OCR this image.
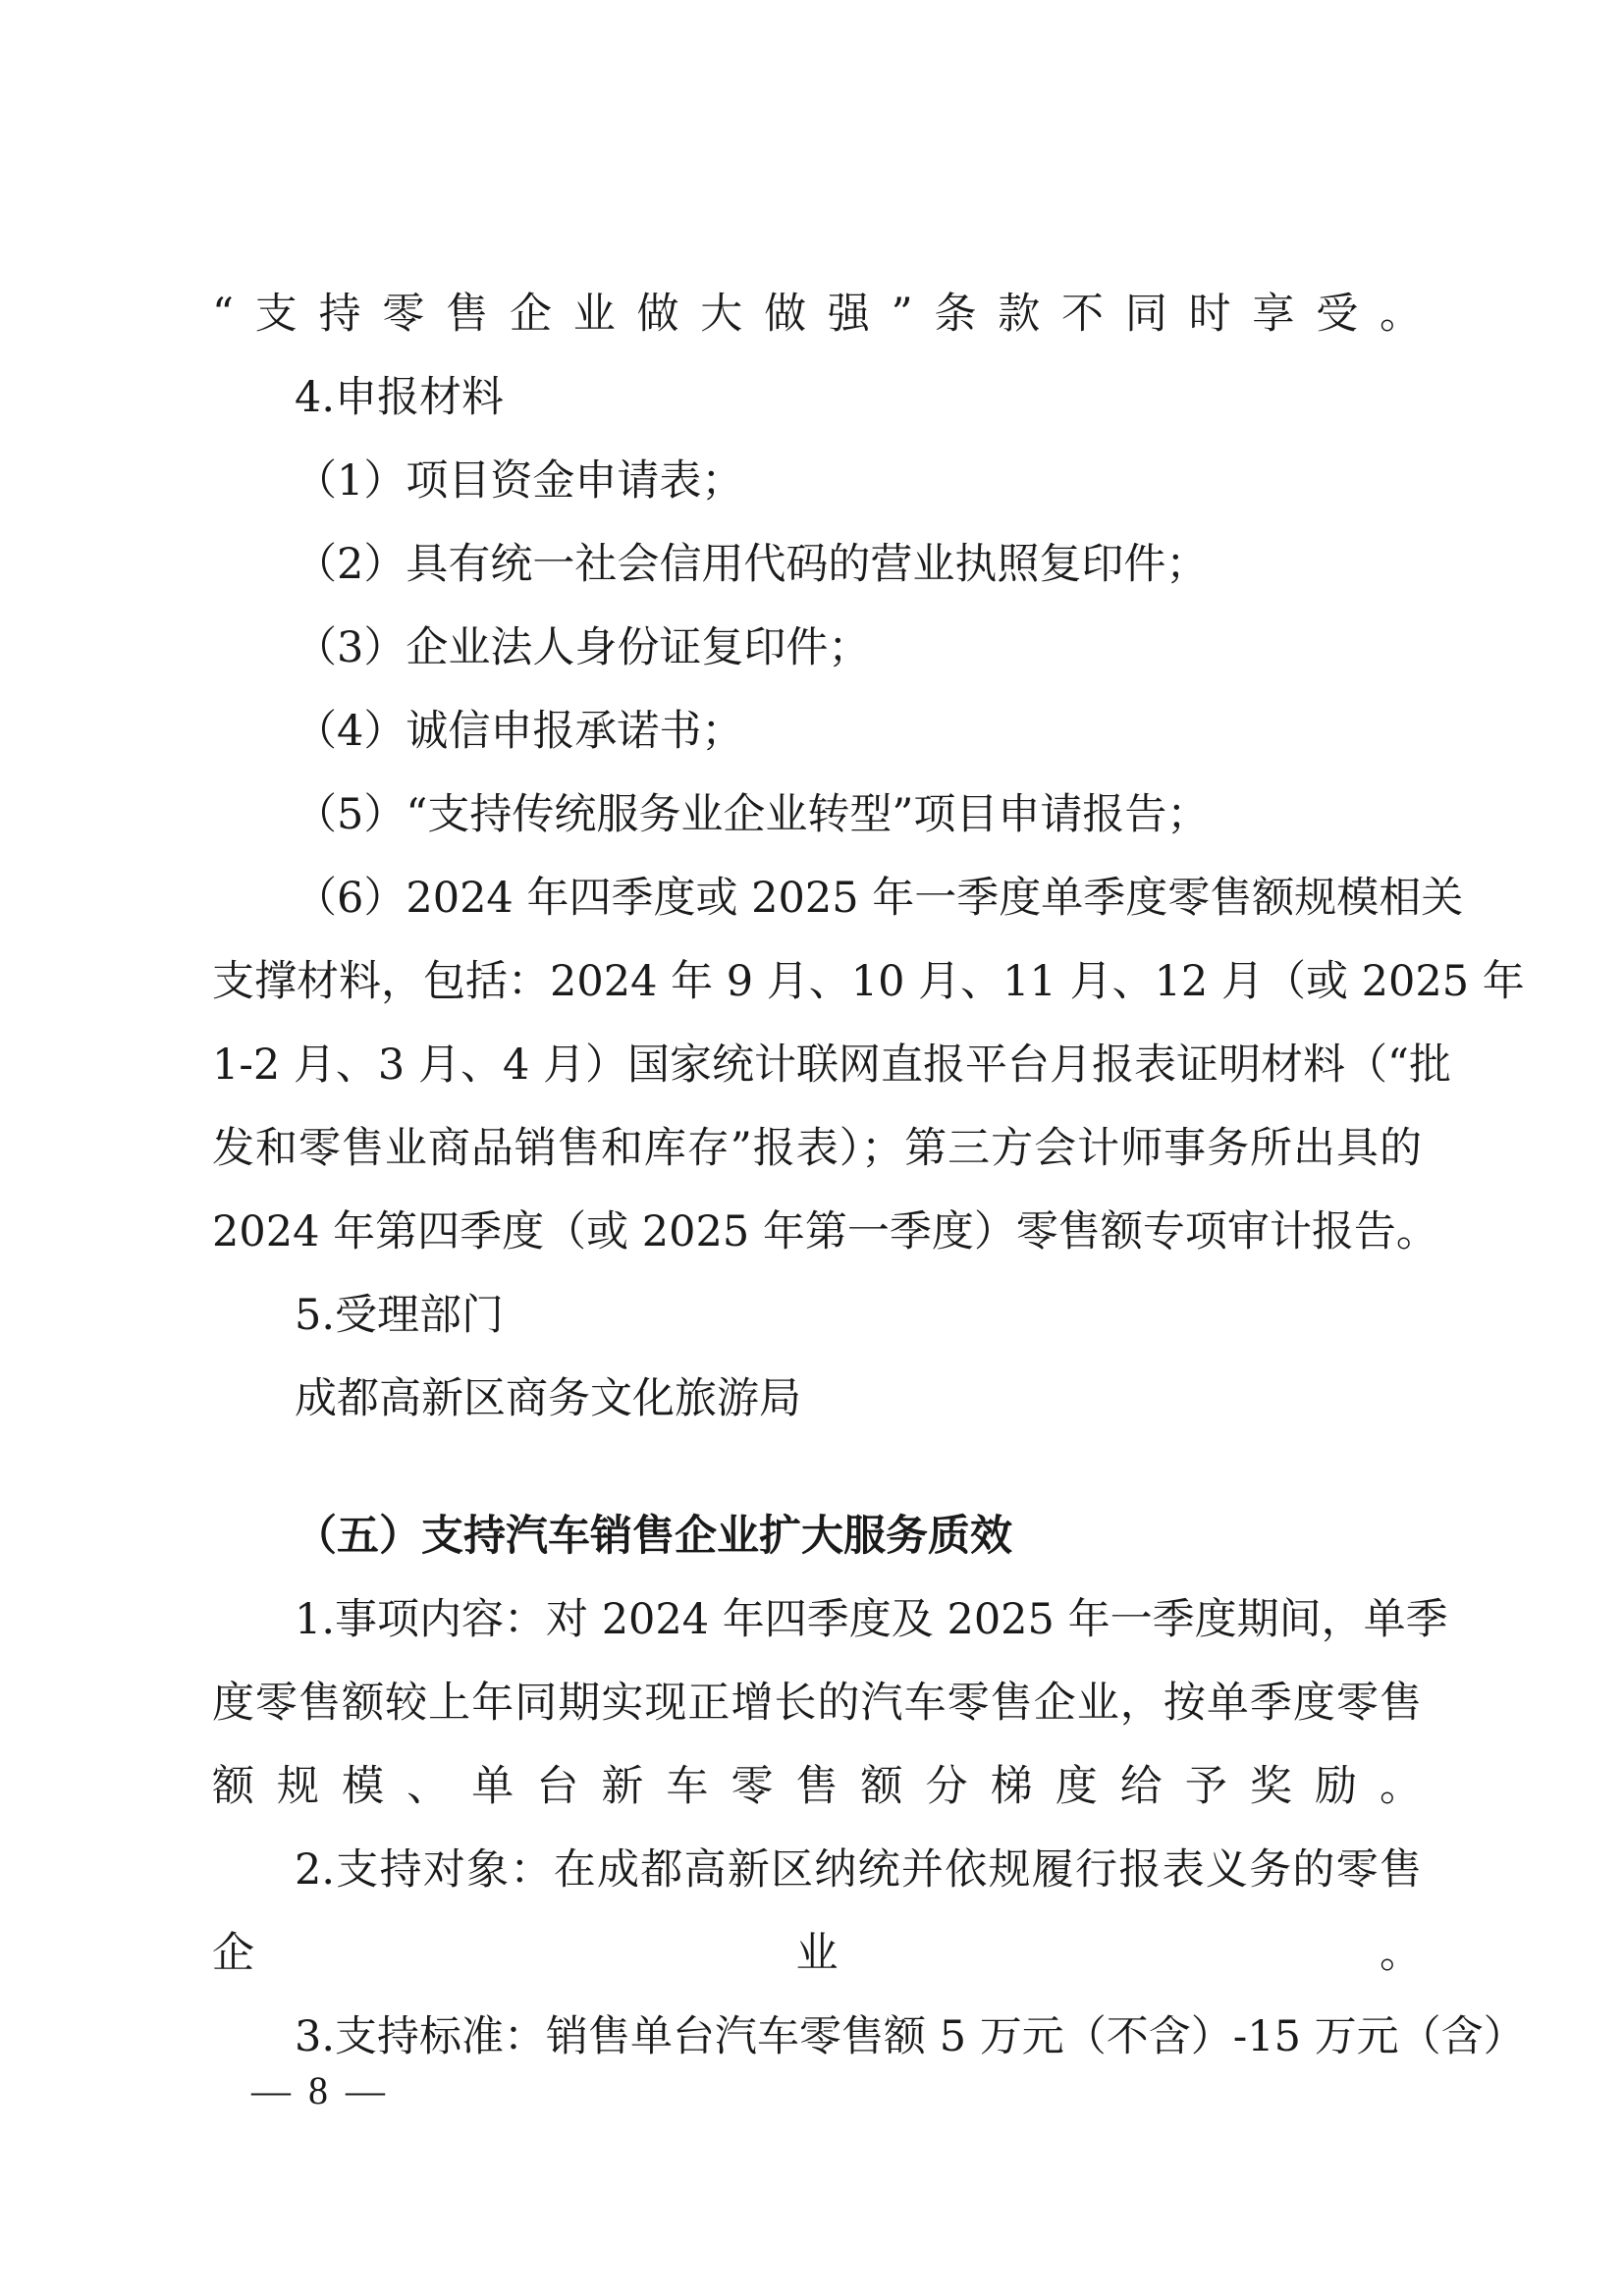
“支持零售企业做大做强”条款不同时享受。
4.申报材料
（1）项目资金申请表；
（2）具有统一社会信用代码的营业执照复印件；
（3）企业法人身份证复印件；
（4）诚信申报承诺书；
（5）“支持传统服务业企业转型”项目申请报告；
（6）2024 年四季度或 2025 年一季度单季度零售额规模相关
支撑材料，包括：2024 年 9 月、10 月、11 月、12 月（或 2025 年
1-2 月、3 月、4 月）国家统计联网直报平台月报表证明材料（“批
发和零售业商品销售和库存”报表）；第三方会计师事务所出具的
2024 年第四季度（或 2025 年第一季度）零售额专项审计报告。
5.受理部门
成都高新区商务文化旅游局
（五）支持汽车销售企业扩大服务质效
1.事项内容：对 2024 年四季度及 2025 年一季度期间，单季
度零售额较上年同期实现正增长的汽车零售企业，按单季度零售
额规模、单台新车零售额分梯度给予奖励。
2.支持对象：在成都高新区纳统并依规履行报表义务的零售
企业。
3.支持标准：销售单台汽车零售额 5 万元（不含）-15 万元（含）
— 8 —
